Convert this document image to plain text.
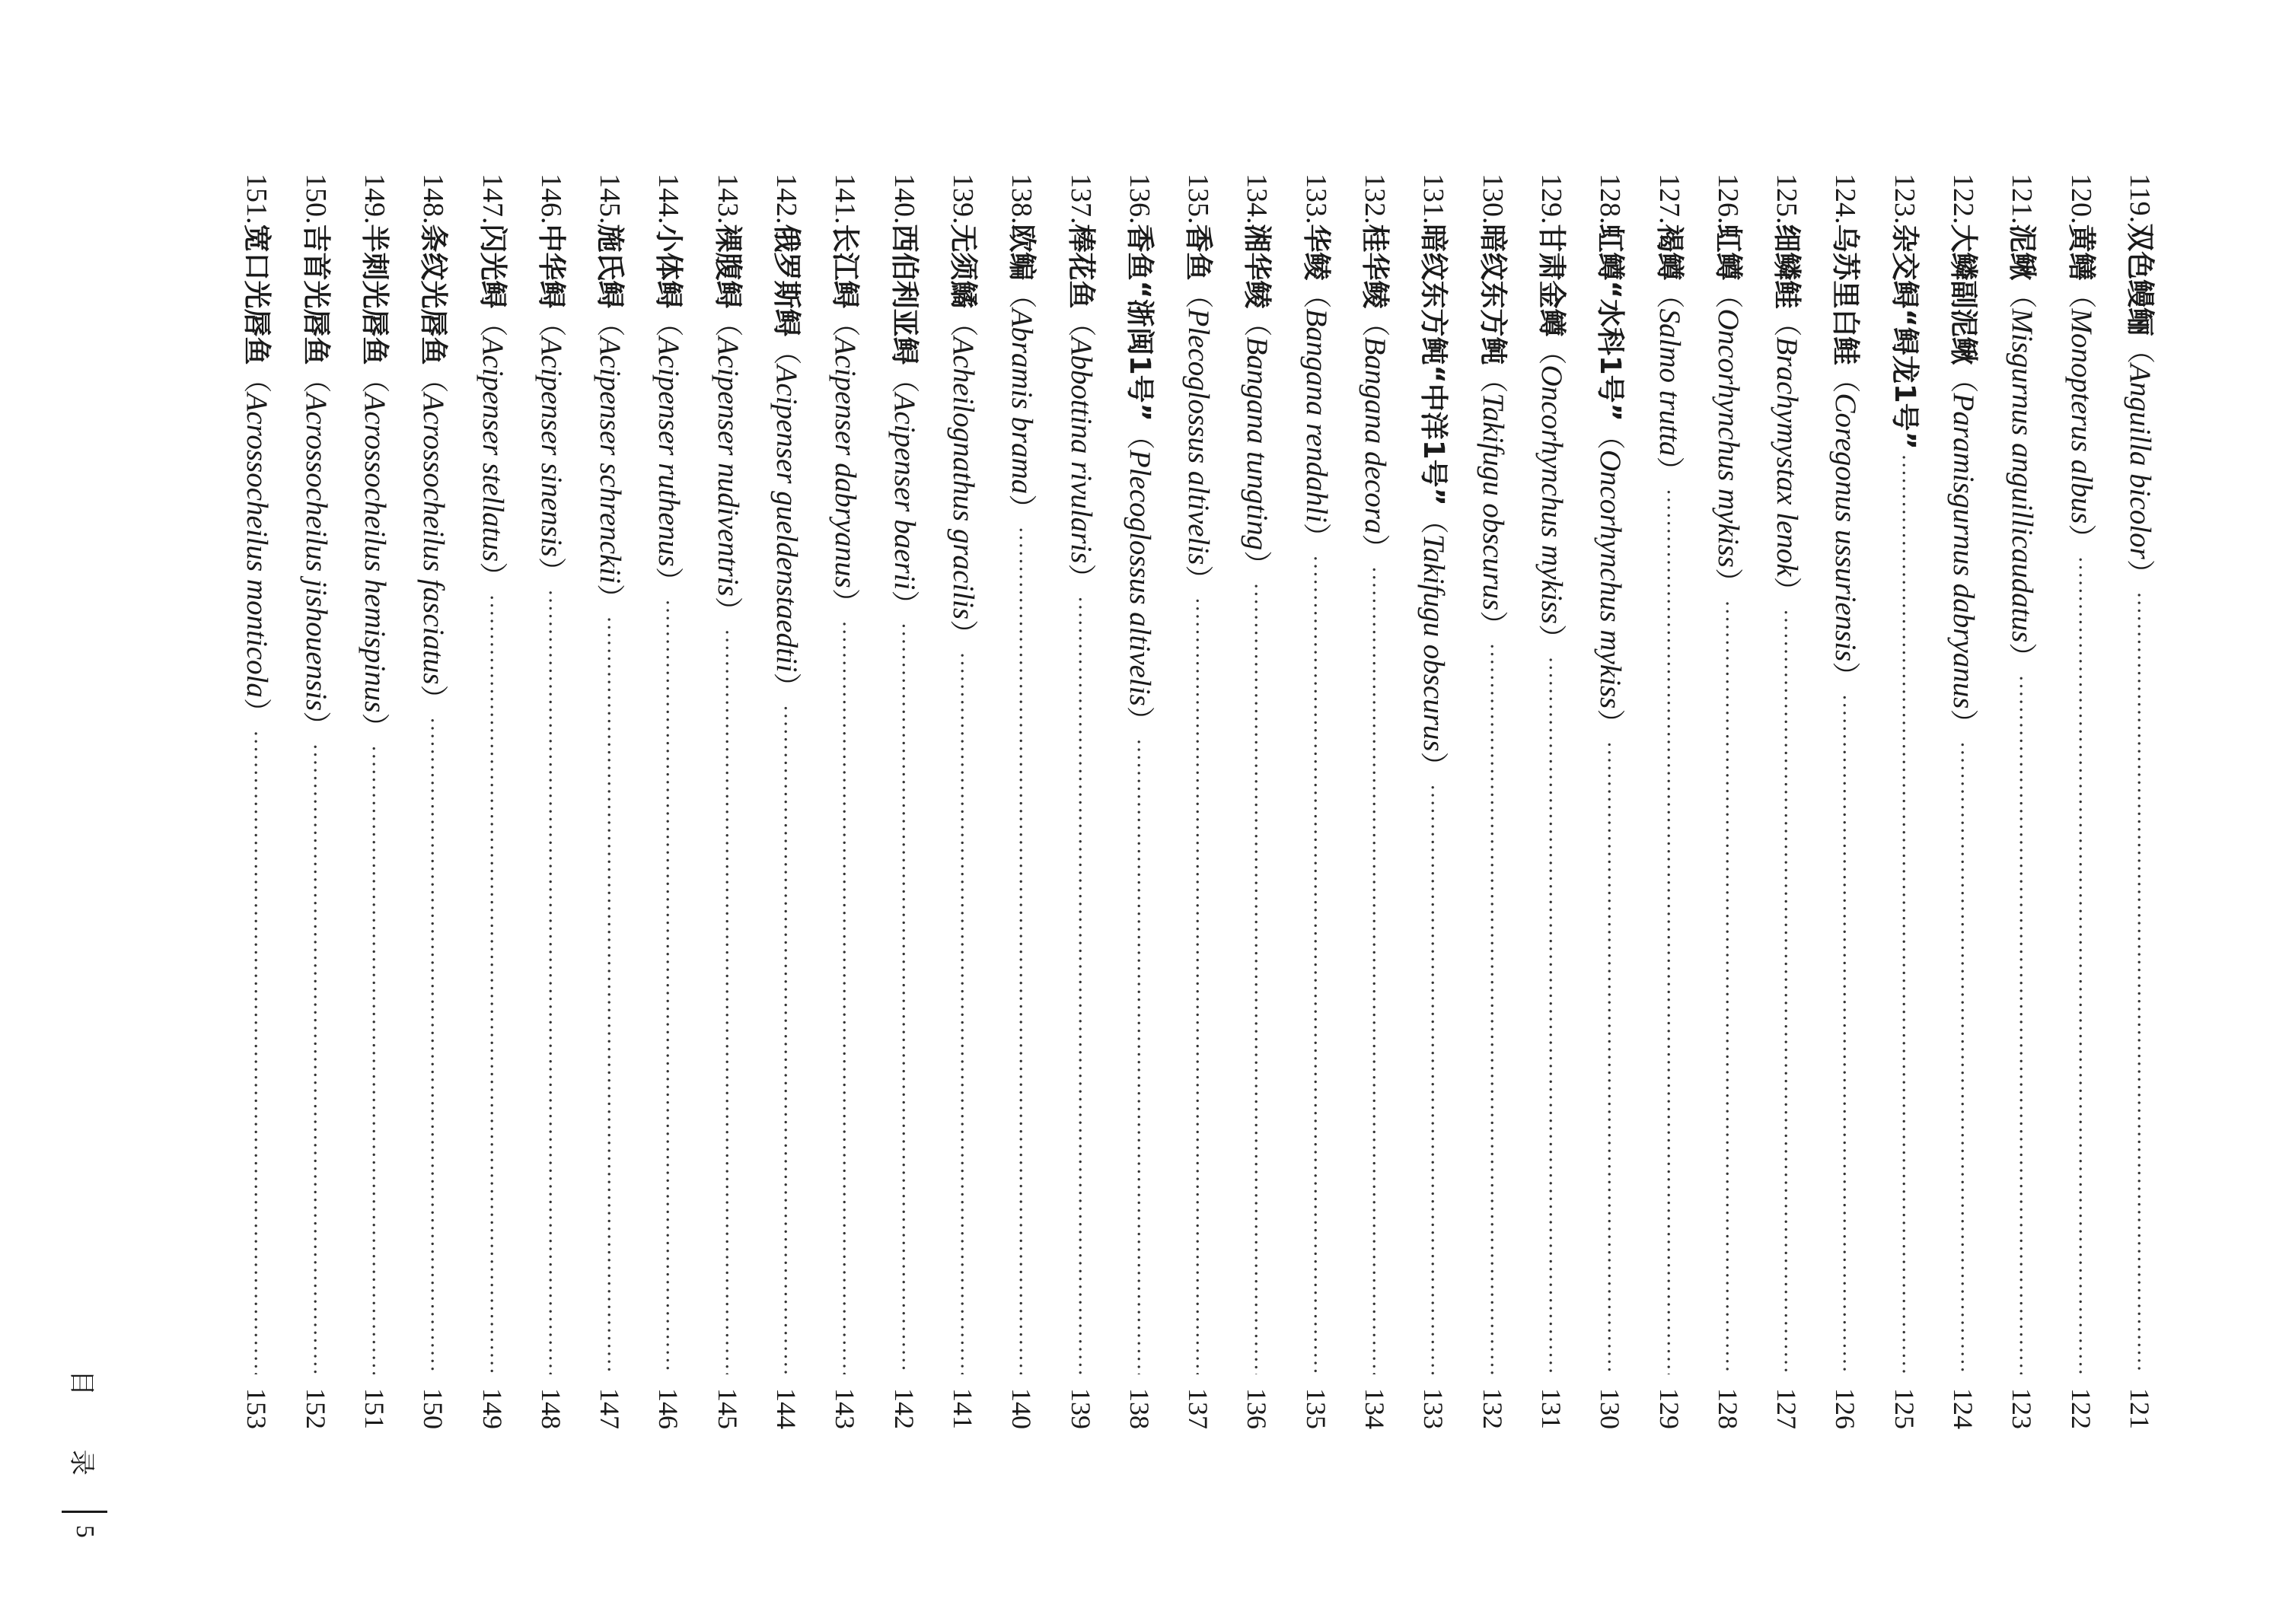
119.
双色鳗鲡
（
Anguilla bicolor
）
·····
121
120.
黄鳝
（
Monopterus albus
）
·····
122
121.
泥鳅
（
Misgurnus anguillicaudatus
）
·····
123
122.
大鳞副泥鳅
（
Paramisgurnus dabryanus
）
·····
124
123.
杂交鲟“鲟龙1号”
·····
125
124.
乌苏里白鲑
（
Coregonus ussuriensis
）
·····
126
125.
细鳞鲑
（
Brachymystax lenok
）
·····
127
126.
虹鳟
（
Oncorhynchus mykiss
）
·····
128
127.
褐鳟
（
Salmo trutta
）
·····
129
128.
虹鳟“水科1号”
（
Oncorhynchus mykiss
）
·····
130
129.
甘肃金鳟
（
Oncorhynchus mykiss
）
·····
131
130.
暗纹东方鲀
（
Takifugu obscurus
）
·····
132
131.
暗纹东方鲀“中洋1号”
（
Takifugu obscurus
）
·····
133
132.
桂华鲮
（
Bangana decora
）
·····
134
133.
华鲮
（
Bangana rendahli
）
·····
135
134.
湘华鲮
（
Bangana tungting
）
·····
136
135.
香鱼
（
Plecoglossus altivelis
）
·····
137
136.
香鱼“浙闽1号”
（
Plecoglossus altivelis
）
·····
138
137.
棒花鱼
（
Abbottina rivularis
）
·····
139
138.
欧鳊
（
Abramis brama
）
·····
140
139.
无须鱊
（
Acheilognathus gracilis
）
·····
141
140.
西伯利亚鲟
（
Acipenser baerii
）
·····
142
141.
长江鲟
（
Acipenser dabryanus
）
·····
143
142.
俄罗斯鲟
（
Acipenser gueldenstaedtii
）
·····
144
143.
裸腹鲟
（
Acipenser nudiventris
）
·····
145
144.
小体鲟
（
Acipenser ruthenus
）
·····
146
145.
施氏鲟
（
Acipenser schrenckii
）
·····
147
146.
中华鲟
（
Acipenser sinensis
）
·····
148
147.
闪光鲟
（
Acipenser stellatus
）
·····
149
148.
条纹光唇鱼
（
Acrossocheilus fasciatus
）
·····
150
149.
半刺光唇鱼
（
Acrossocheilus hemispinus
）
·····
151
150.
吉首光唇鱼
（
Acrossocheilus jishouensis
）
·····
152
151.
宽口光唇鱼
（
Acrossocheilus monticola
）
·····
153
目 录
5
